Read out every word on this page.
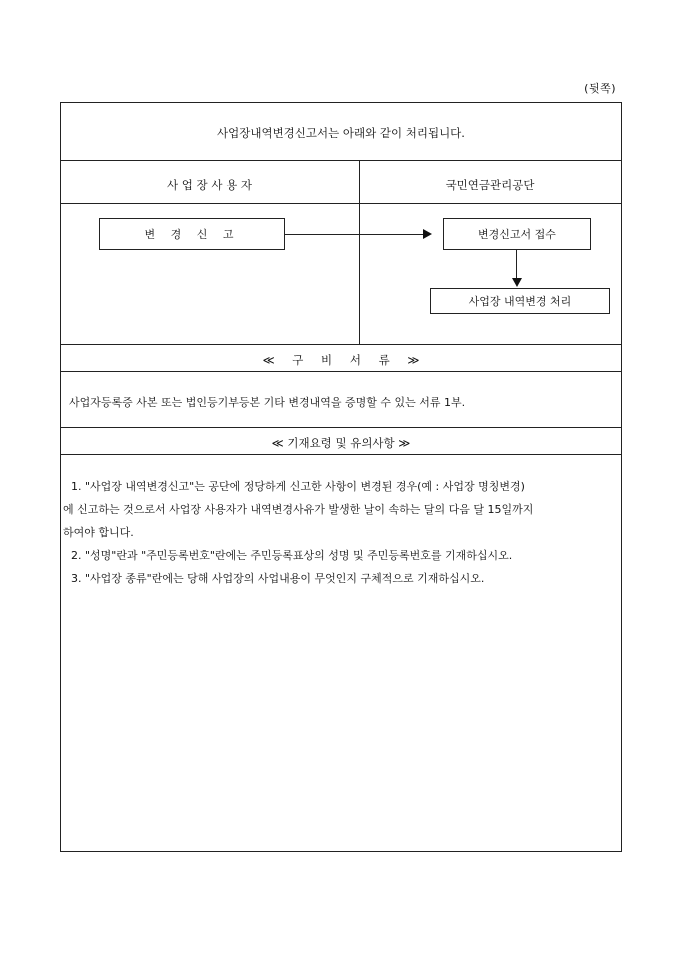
(뒷쪽)
사업장내역변경신고서는 아래와 같이 처리됩니다.
사 업 장 사 용 자	국민연금관리공단
변 경 신 고	변경신고서 접수
사업장 내역변경 처리
≪ 구 비 서 류 ≫
사업자등록증 사본 또는 법인등기부등본 기타 변경내역을 증명할 수 있는 서류 1부.
≪ 기재요령 및 유의사항 ≫
1. "사업장 내역변경신고"는 공단에 정당하게 신고한 사항이 변경된 경우(예 : 사업장 명칭변경)
에 신고하는 것으로서 사업장 사용자가 내역변경사유가 발생한 날이 속하는 달의 다음 달 15일까지
하여야 합니다.
2. "성명"란과 "주민등록번호"란에는 주민등록표상의 성명 및 주민등록번호를 기재하십시오.
3. "사업장 종류"란에는 당해 사업장의 사업내용이 무엇인지 구체적으로 기재하십시오.
